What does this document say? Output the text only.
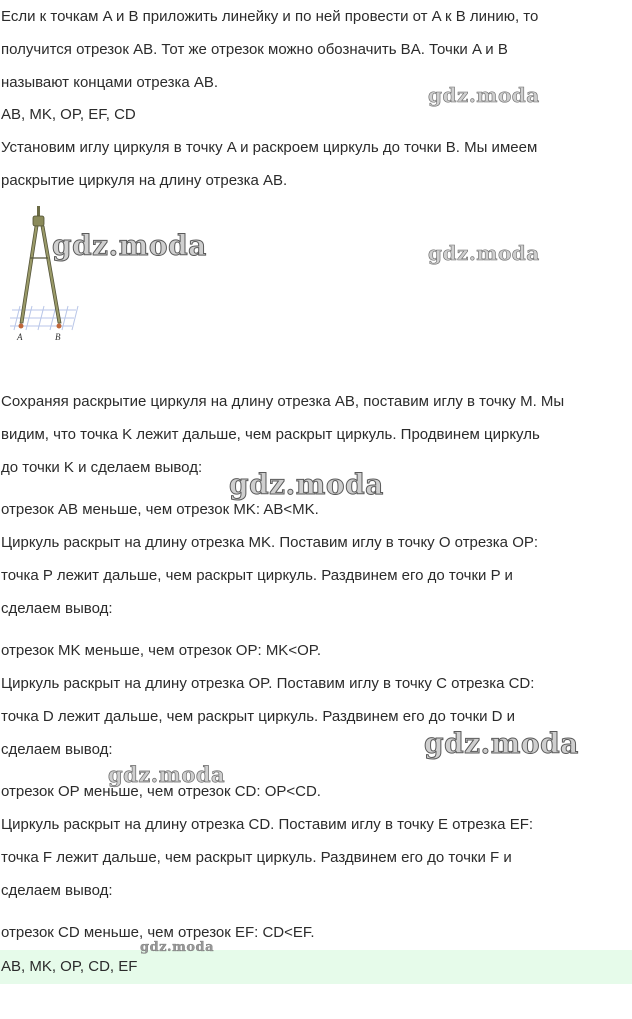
Если к точкам A и B приложить линейку и по ней провести от A к B линию, то
получится отрезок AB. Тот же отрезок можно обозначить BA. Точки A и B
называют концами отрезка AB.
AB, MK, OP, EF, CD
Установим иглу циркуля в точку A и раскроем циркуль до точки B. Мы имеем
раскрытие циркуля на длину отрезка AB.
Сохраняя раскрытие циркуля на длину отрезка AB, поставим иглу в точку M. Мы
видим, что точка K лежит дальше, чем раскрыт циркуль. Продвинем циркуль
до точки K и сделаем вывод:
отрезок AB меньше, чем отрезок MK: AB<MK.
Циркуль раскрыт на длину отрезка MK. Поставим иглу в точку O отрезка OP:
точка P лежит дальше, чем раскрыт циркуль. Раздвинем его до точки P и
сделаем вывод:
отрезок MK меньше, чем отрезок OP: MK<OP.
Циркуль раскрыт на длину отрезка OP. Поставим иглу в точку C отрезка CD:
точка D лежит дальше, чем раскрыт циркуль. Раздвинем его до точки D и
сделаем вывод:
отрезок OP меньше, чем отрезок CD: OP<CD.
Циркуль раскрыт на длину отрезка CD. Поставим иглу в точку E отрезка EF:
точка F лежит дальше, чем раскрыт циркуль. Раздвинем его до точки F и
сделаем вывод:
отрезок CD меньше, чем отрезок EF: CD<EF.
A	B
AB, MK, OP, CD, EF
gdz.moda
gdz.moda	gdz.moda
gdz.moda
gdz.moda
gdz.moda
gdz.moda
